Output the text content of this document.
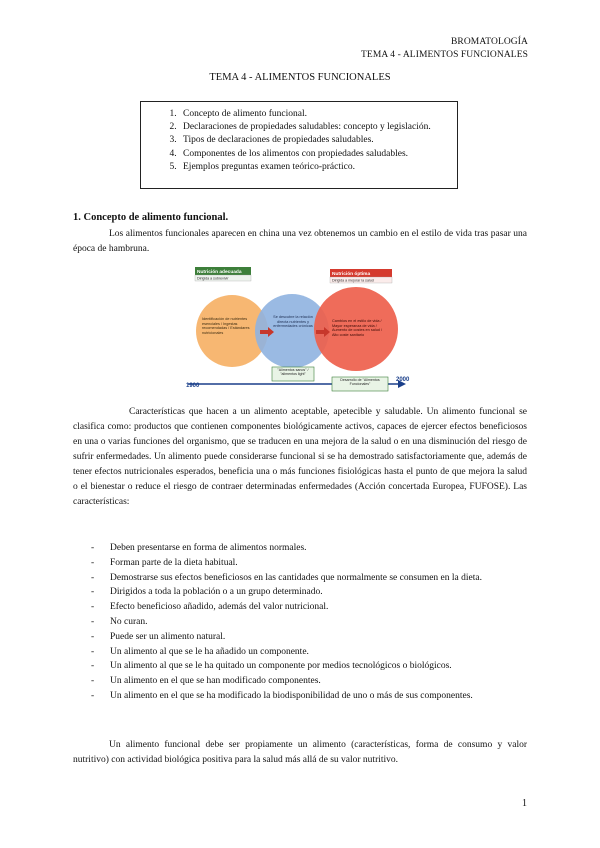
BROMATOLOGÍA
TEMA 4 - ALIMENTOS FUNCIONALES
TEMA 4 - ALIMENTOS FUNCIONALES
1. Concepto de alimento funcional.
2. Declaraciones de propiedades saludables: concepto y legislación.
3. Tipos de declaraciones de propiedades saludables.
4. Componentes de los alimentos con propiedades saludables.
5. Ejemplos preguntas examen teórico-práctico.
1. Concepto de alimento funcional.
Los alimentos funcionales aparecen en china una vez obtenemos un cambio en el estilo de vida tras pasar una época de hambruna.
1900
2000
Nutrición adecuada
Dirigida a sobrevivir
Nutrición óptima
Dirigida a mejorar la salud
Identificación de nutrientes esenciales / Ingestas recomendadas / Estándares nutricionales
Se descubre la relación directa nutrientes y enfermedades crónicas
Cambios en el estilo de vida / Mayor esperanza de vida / Aumento de costes en salud / Alto coste sanitario
"Alimentos sanos" / "alimentos light"
Desarrollo de "Alimentos Funcionales"
Características que hacen a un alimento aceptable, apetecible y saludable. Un alimento funcional se clasifica como: productos que contienen componentes biológicamente activos, capaces de ejercer efectos beneficiosos en una o varias funciones del organismo, que se traducen en una mejora de la salud o en una disminución del riesgo de sufrir enfermedades. Un alimento puede considerarse funcional si se ha demostrado satisfactoriamente que, además de tener efectos nutricionales esperados, beneficia una o más funciones fisiológicas hasta el punto de que mejora la salud o el bienestar o reduce el riesgo de contraer determinadas enfermedades (Acción concertada Europea, FUFOSE). Las características:
- Deben presentarse en forma de alimentos normales.
- Forman parte de la dieta habitual.
- Demostrarse sus efectos beneficiosos en las cantidades que normalmente se consumen en la dieta.
- Dirigidos a toda la población o a un grupo determinado.
- Efecto beneficioso añadido, además del valor nutricional.
- No curan.
- Puede ser un alimento natural.
- Un alimento al que se le ha añadido un componente.
- Un alimento al que se le ha quitado un componente por medios tecnológicos o biológicos.
- Un alimento en el que se han modificado componentes.
- Un alimento en el que se ha modificado la biodisponibilidad de uno o más de sus componentes.
Un alimento funcional debe ser propiamente un alimento (características, forma de consumo y valor nutritivo) con actividad biológica positiva para la salud más allá de su valor nutritivo.
1
